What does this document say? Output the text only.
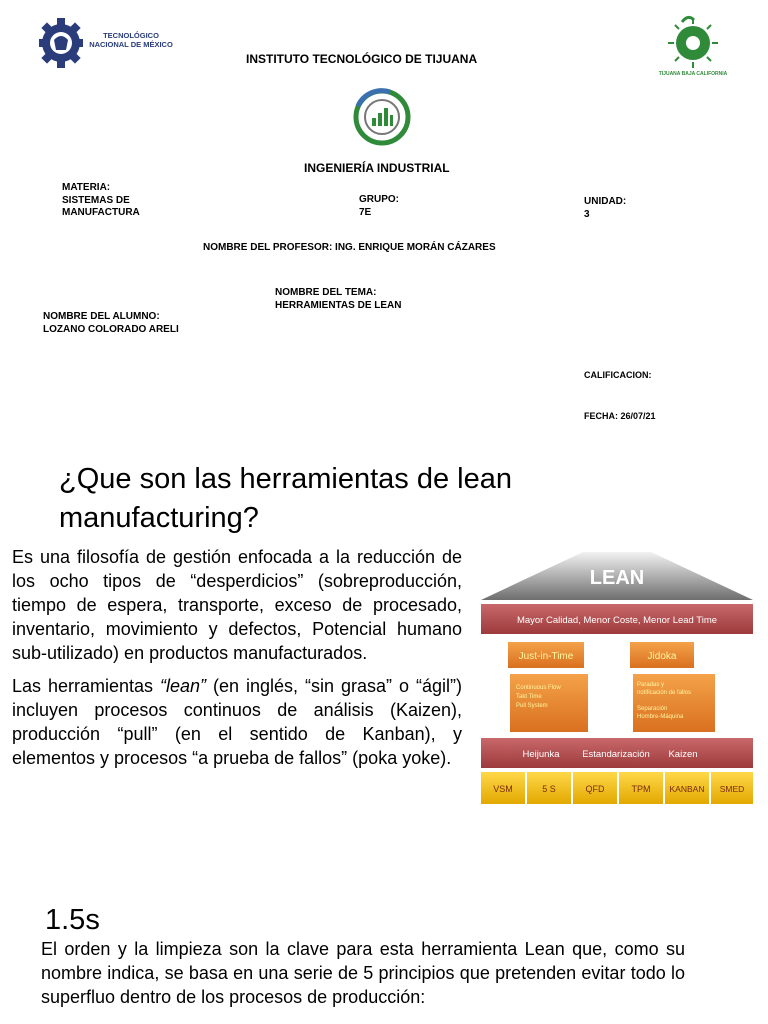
TECNOLÓGICO
NACIONAL DE MÉXICO
TIJUANA BAJA CALIFORNIA
INSTITUTO TECNOLÓGICO DE TIJUANA
INGENIERÍA INDUSTRIAL
MATERIA:
SISTEMAS DE
MANUFACTURA
GRUPO:
7E
UNIDAD:
3
NOMBRE DEL PROFESOR: ING. ENRIQUE MORÁN CÁZARES
NOMBRE DEL TEMA:
HERRAMIENTAS DE LEAN
NOMBRE DEL ALUMNO:
LOZANO COLORADO ARELI
CALIFICACION:
FECHA: 26/07/21
¿Que son las herramientas de lean manufacturing?

Es una filosofía de gestión enfocada a la reducción de los ocho tipos de “desperdicios” (sobreproducción, tiempo de espera, transporte, exceso de procesado, inventario, movimiento y defectos, Potencial humano sub-utilizado) en productos manufacturados.

Las herramientas “lean” (en inglés, “sin grasa” o “ágil”) incluyen procesos continuos de análisis (Kaizen), producción “pull” (en el sentido de Kanban), y elementos y procesos “a prueba de fallos” (poka yoke).

LEAN
Mayor Calidad, Menor Coste, Menor Lead Time
Just-in-Time	Jidoka
Continuous Flow
Takt Time
Pull System
Paradas y
notificación de fallos
Separación
Hombre-Máquina
Heijunka Estandarización Kaizen
VSM	5 S	QFD	TPM KANBAN SMED
1.5s
El orden y la limpieza son la clave para esta herramienta Lean que, como su nombre indica, se basa en una serie de 5 principios que pretenden evitar todo lo superfluo dentro de los procesos de producción:
